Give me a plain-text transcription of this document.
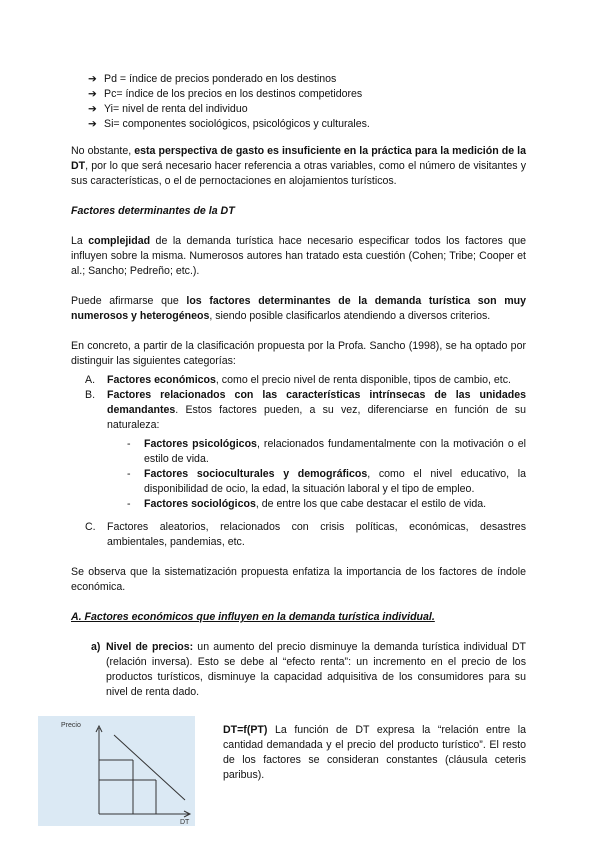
➔ Pd = índice de precios ponderado en los destinos
➔ Pc= índice de los precios en los destinos competidores
➔ Yi= nivel de renta del individuo
➔ Si= componentes sociológicos, psicológicos y culturales.

No obstante, esta perspectiva de gasto es insuficiente en la práctica para la medición de la DT, por lo que será necesario hacer referencia a otras variables, como el número de visitantes y sus características, o el de pernoctaciones en alojamientos turísticos.

Factores determinantes de la DT

La complejidad de la demanda turística hace necesario especificar todos los factores que influyen sobre la misma. Numerosos autores han tratado esta cuestión (Cohen; Tribe; Cooper et al.; Sancho; Pedreño; etc.).

Puede afirmarse que los factores determinantes de la demanda turística son muy numerosos y heterogéneos, siendo posible clasificarlos atendiendo a diversos criterios.

En concreto, a partir de la clasificación propuesta por la Profa. Sancho (1998), se ha optado por distinguir las siguientes categorías:

A. Factores económicos, como el precio nivel de renta disponible, tipos de cambio, etc.

B. Factores relacionados con las características intrínsecas de las unidades demandantes. Estos factores pueden, a su vez, diferenciarse en función de su naturaleza:

- Factores psicológicos, relacionados fundamentalmente con la motivación o el estilo de vida.

- Factores socioculturales y demográficos, como el nivel educativo, la disponibilidad de ocio, la edad, la situación laboral y el tipo de empleo.

- Factores sociológicos, de entre los que cabe destacar el estilo de vida.

C. Factores aleatorios, relacionados con crisis políticas, económicas, desastres ambientales, pandemias, etc.

Se observa que la sistematización propuesta enfatiza la importancia de los factores de índole económica.

A. Factores económicos que influyen en la demanda turística individual.

a) Nivel de precios: un aumento del precio disminuye la demanda turística individual DT (relación inversa). Esto se debe al “efecto renta”: un incremento en el precio de los productos turísticos, disminuye la capacidad adquisitiva de los consumidores para su nivel de renta dado.

Precio
DT

DT=f(PT) La función de DT expresa la “relación entre la cantidad demandada y el precio del producto turístico”. El resto de los factores se consideran constantes (cláusula ceteris paribus).
